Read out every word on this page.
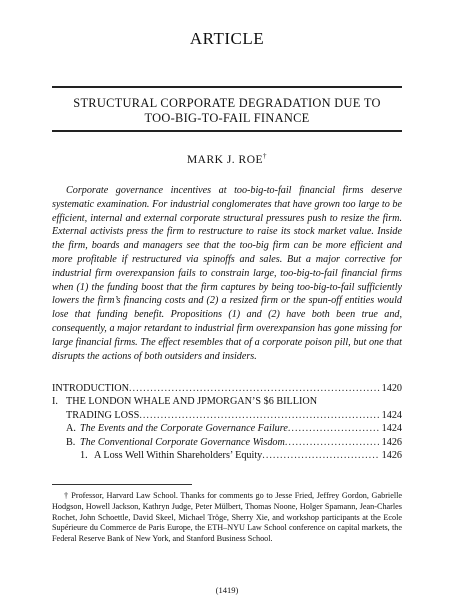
ARTICLE
STRUCTURAL CORPORATE DEGRADATION DUE TO
TOO-BIG-TO-FAIL FINANCE
MARK J. ROE†
Corporate governance incentives at too-big-to-fail financial firms deserve systematic examination. For industrial conglomerates that have grown too large to be efficient, internal and external corporate structural pressures push to resize the firm. External activists press the firm to restructure to raise its stock market value. Inside the firm, boards and managers see that the too-big firm can be more efficient and more profitable if restructured via spinoffs and sales. But a major corrective for industrial firm overexpansion fails to constrain large, too-big-to-fail financial firms when (1) the funding boost that the firm captures by being too-big-to-fail sufficiently lowers the firm’s financing costs and (2) a resized firm or the spun-off entities would lose that funding benefit. Propositions (1) and (2) have both been true and, consequently, a major retardant to industrial firm overexpansion has gone missing for large financial firms. The effect resembles that of a corporate poison pill, but one that disrupts the actions of both outsiders and insiders.
INTRODUCTION .....	1420
I. THE LONDON WHALE AND JPMORGAN’S $6 BILLION
TRADING LOSS .....	1424
A. The Events and the Corporate Governance Failure .....	1424
B. The Conventional Corporate Governance Wisdom .....	1426
1. A Loss Well Within Shareholders’ Equity .....	1426
† Professor, Harvard Law School. Thanks for comments go to Jesse Fried, Jeffrey Gordon, Gabrielle Hodgson, Howell Jackson, Kathryn Judge, Peter Mülbert, Thomas Noone, Holger Spamann, Jean-Charles Rochet, John Schoettle, David Skeel, Michael Tröge, Sherry Xie, and workshop participants at the Ecole Supérieure du Commerce de Paris Europe, the ETH–NYU Law School conference on capital markets, the Federal Reserve Bank of New York, and Stanford Business School.
(1419)
